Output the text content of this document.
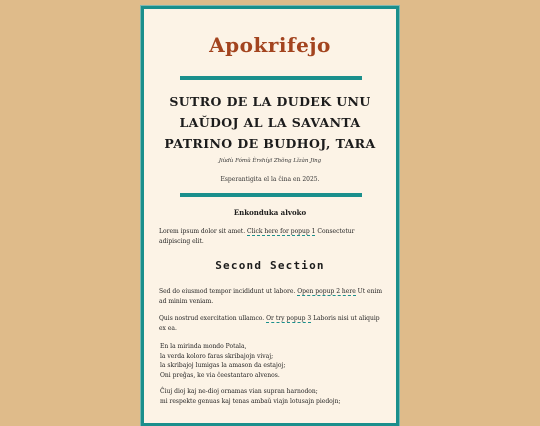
Apokrifejo
SUTRO DE LA DUDEK UNU
LAŬDOJ AL LA SAVANTA
PATRINO DE BUDHOJ, TARA
Jiùdù Fómǔ Èrshíyī Zhǒng Lǐzàn Jīng
Esperantigita el la ĉina en 2025.
Enkonduka alvoko
Lorem ipsum dolor sit amet. Click here for popup 1 Consectetur adipiscing elit.
Second Section
Sed do eiusmod tempor incididunt ut labore. Open popup 2 here Ut enim ad minim veniam.
Quis nostrud exercitation ullamco. Or try popup 3 Laboris nisi ut aliquip ex ea.
En la mirinda mondo Potala,
la verda koloro faras skribajojn vivaj;
la skribajoj lumigas la amason da estajoj;
Oni preĝas, ke via ĉeestantaro alvenos.
Ĉiuj dioj kaj ne-dioj ornamas vian supran harnodon;
mi respekte genuas kaj tenas ambaŭ viajn lotusajn piedojn;
